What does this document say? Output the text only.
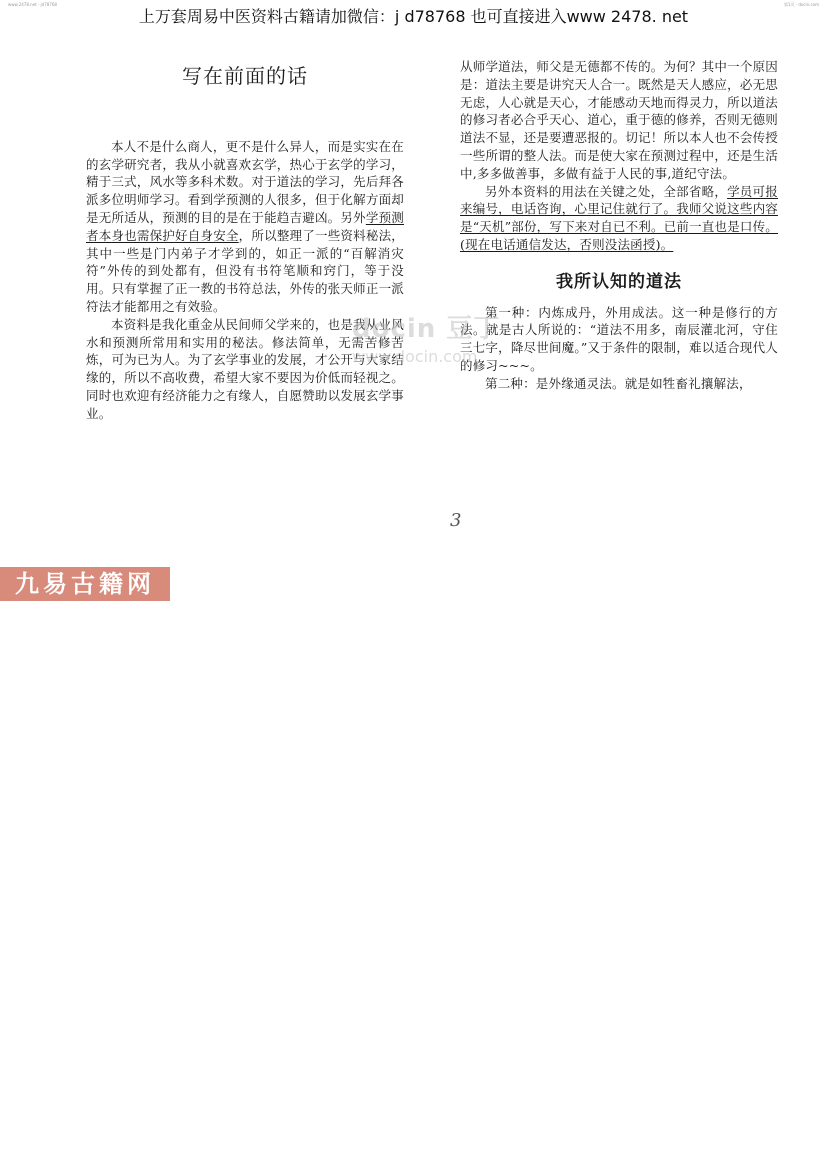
www.2478.net · jd78768	第1页 · docin.com
上万套周易中医资料古籍请加微信：j d78768 也可直接进入www 2478. net
写在前面的话

本人不是什么商人，更不是什么异人，而是实实在在的玄学研究者，我从小就喜欢玄学，热心于玄学的学习，精于三式，风水等多科术数。对于道法的学习，先后拜各派多位明师学习。看到学预测的人很多，但于化解方面却是无所适从，预测的目的是在于能趋吉避凶。另外学预测者本身也需保护好自身安全，所以整理了一些资料秘法，其中一些是门内弟子才学到的，如正一派的“百解消灾符”外传的到处都有，但没有书符笔顺和窍门，等于没用。只有掌握了正一教的书符总法，外传的张天师正一派符法才能都用之有效验。

本资料是我化重金从民间师父学来的，也是我从业风水和预测所常用和实用的秘法。修法简单，无需苦修苦炼，可为已为人。为了玄学事业的发展，才公开与大家结缘的，所以不高收费，希望大家不要因为价低而轻视之。同时也欢迎有经济能力之有缘人，自愿赞助以发展玄学事业。

从师学道法，师父是无德都不传的。为何？其中一个原因是：道法主要是讲究天人合一。既然是天人感应，必无思无虑，人心就是天心，才能感动天地而得灵力，所以道法的修习者必合乎天心、道心，重于德的修养，否则无德则道法不显，还是要遭恶报的。切记！所以本人也不会传授一些所谓的整人法。而是使大家在预测过程中，还是生活中,多多做善事，多做有益于人民的事,道纪守法。

另外本资料的用法在关键之处，全部省略，学员可报来编号，电话咨询，心里记住就行了。我师父说这些内容是“天机”部份，写下来对自已不利。已前一直也是口传。(现在电话通信发达，否则没法函授)。

我所认知的道法

第一种：内炼成丹，外用成法。这一种是修行的方法。就是古人所说的：“道法不用多，南辰灌北河，守住三七字，降尽世间魔。”又于条件的限制，难以适合现代人的修习~~~。

第二种：是外缘通灵法。就是如牲畜礼攘解法，

docin 豆丁
www.docin.com
3
九易古籍网
